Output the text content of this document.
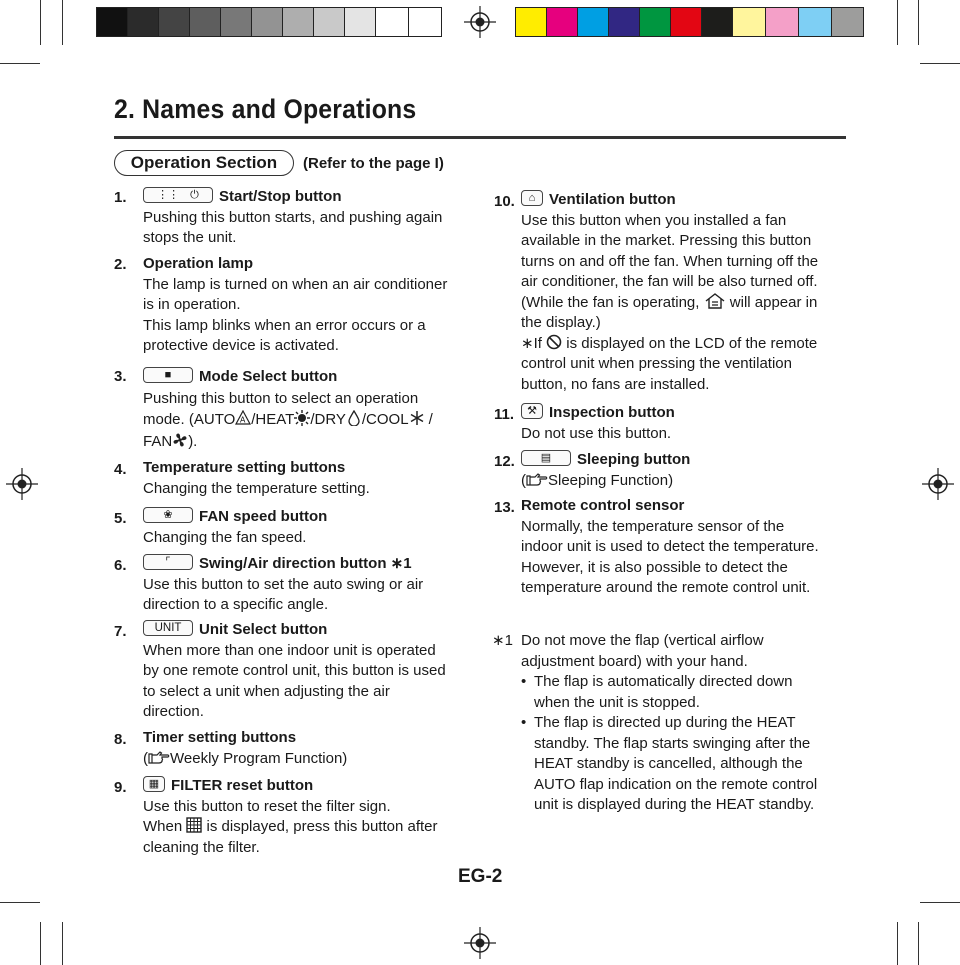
2. Names and Operations
Operation Section	(Refer to the page I)
1.	⋮⋮ ⏻ Start/Stop button
Pushing this button starts, and pushing again
stops the unit.
2. Operation lamp
The lamp is turned on when an air conditioner
is in operation.
This lamp blinks when an error occurs or a
protective device is activated.
3.	■ Mode Select button
Pushing this button to select an operation
mode. (AUTO A /HEAT /DRY /COOL /
FAN ).
4. Temperature setting buttons
Changing the temperature setting.
5.	❀ FAN speed button
Changing the fan speed.
6.	⌜ Swing/Air direction button ∗1
Use this button to set the auto swing or air
direction to a specific angle.
7.	UNIT Unit Select button
When more than one indoor unit is operated
by one remote control unit, this button is used
to select a unit when adjusting the air
direction.
8. Timer setting buttons
( Weekly Program Function)
9.	▦ FILTER reset button
Use this button to reset the filter sign.
When is displayed, press this button after
cleaning the filter.
10.	⌂ Ventilation button
Use this button when you installed a fan
available in the market. Pressing this button
turns on and off the fan. When turning off the
air conditioner, the fan will be also turned off.
(While the fan is operating, will appear in
the display.)
∗If is displayed on the LCD of the remote
control unit when pressing the ventilation
button, no fans are installed.
11.	⚒ Inspection button
Do not use this button.
12.	▤ Sleeping button
( Sleeping Function)
13. Remote control sensor
Normally, the temperature sensor of the
indoor unit is used to detect the temperature.
However, it is also possible to detect the
temperature around the remote control unit.
∗1 Do not move the flap (vertical airflow
adjustment board) with your hand.
• The flap is automatically directed down
when the unit is stopped.
• The flap is directed up during the HEAT
standby. The flap starts swinging after the
HEAT standby is cancelled, although the
AUTO flap indication on the remote control
unit is displayed during the HEAT standby.
EG-2
